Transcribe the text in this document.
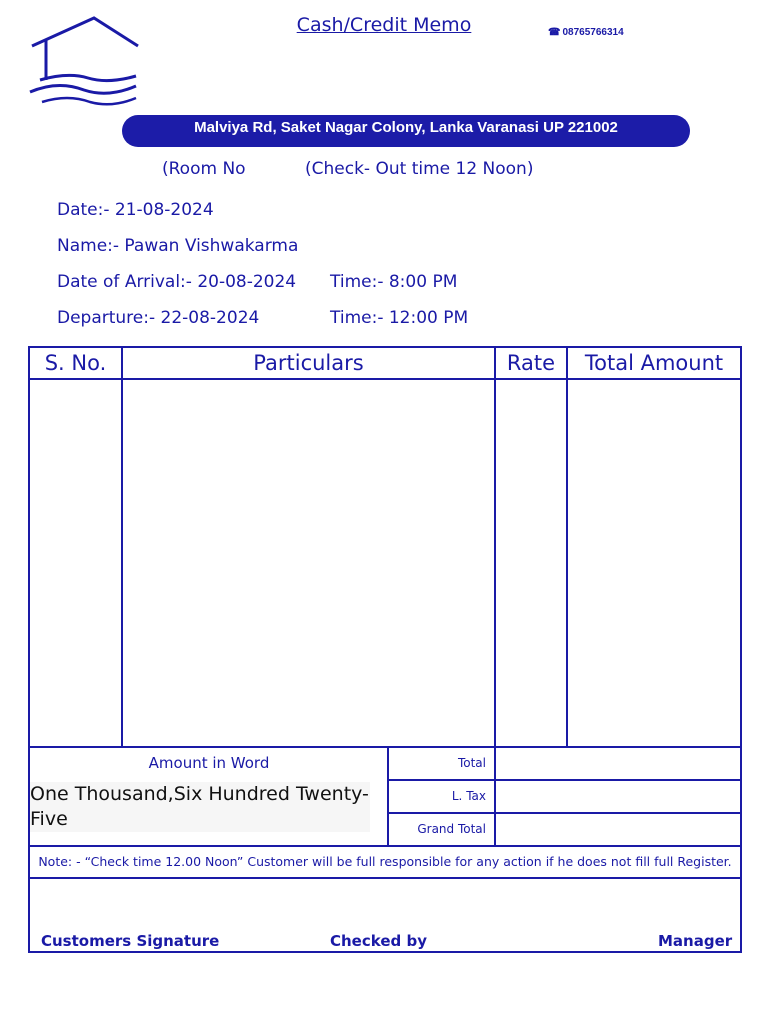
Cash/Credit Memo	☎ 08765766314
Malviya Rd, Saket Nagar Colony, Lanka Varanasi UP 221002
(Room No	(Check- Out time 12 Noon)
Date:- 21-08-2024
Name:- Pawan Vishwakarma
Date of Arrival:- 20-08-2024 Time:- 8:00 PM
Departure:- 22-08-2024	Time:- 12:00 PM
S. No.	Particulars	Rate	Total Amount
Amount in Word
One Thousand,Six Hundred Twenty-Five
Total
L. Tax
Grand Total
Note: - “Check time 12.00 Noon” Customer will be full responsible for any action if he does not fill full Register.
Customers Signature	Checked by	Manager
